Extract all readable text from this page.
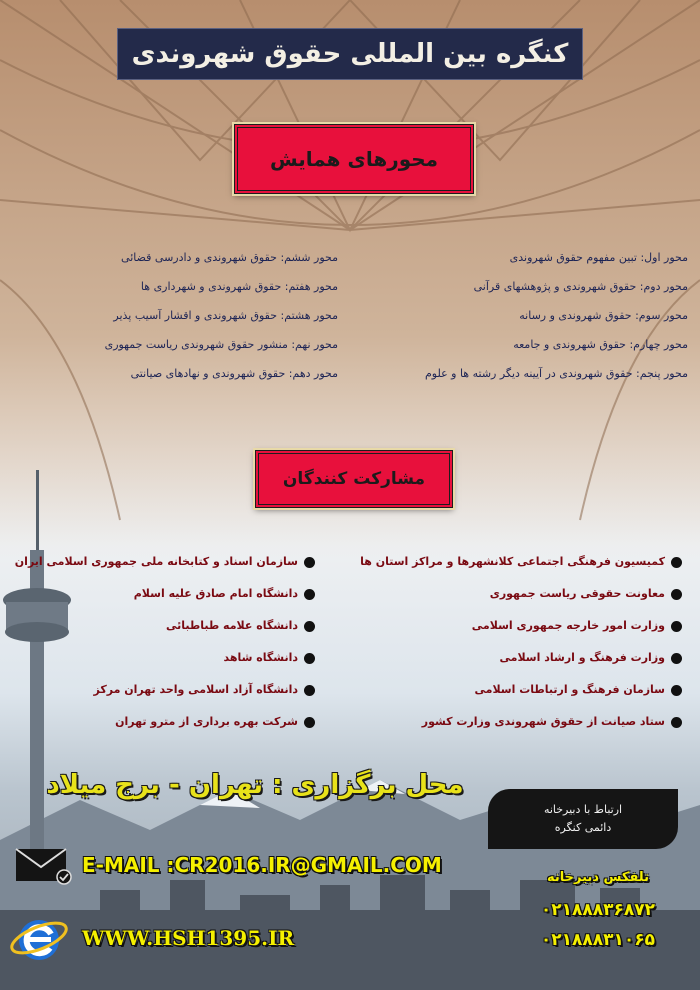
کنگره بین المللی حقوق شهروندی
محورهای همایش
محور اول: تبین مفهوم حقوق شهروندی
محور دوم: حقوق شهروندی و پژوهشهای قرآنی
محور سوم: حقوق شهروندی و رسانه
محور چهارم: حقوق شهروندی و جامعه
محور پنجم: حقوق شهروندی در آیینه دیگر رشته ها و علوم
محور ششم: حقوق شهروندی و دادرسی قضائی
محور هفتم: حقوق شهروندی و شهرداری ها
محور هشتم: حقوق شهروندی و اقشار آسیب پذیر
محور نهم: منشور حقوق شهروندی ریاست جمهوری
محور دهم: حقوق شهروندی و نهادهای صیانتی
مشارکت کنندگان
کمیسیون فرهنگی اجتماعی کلانشهرها و مراکز استان ها
معاونت حقوقی ریاست جمهوری
وزارت امور خارجه جمهوری اسلامی
وزارت فرهنگ و ارشاد اسلامی
سازمان فرهنگ و ارتباطات اسلامی
ستاد صیانت از حقوق شهروندی وزارت کشور
سازمان اسناد و کتابخانه ملی جمهوری اسلامی ایران
دانشگاه امام صادق علیه اسلام
دانشگاه علامه طباطبائی
دانشگاه شاهد
دانشگاه آزاد اسلامی واحد تهران مرکز
شرکت بهره برداری از مترو تهران
محل برگزاری : تهران - برج میلاد
ارتباط با دبیرخانه
دائمی کنگره
E-MAIL :CR2016.IR@GMAIL.COM
WWW.HSH1395.IR
تلفکس دبیرخانه
۰۲۱۸۸۸۳۶۸۷۲
۰۲۱۸۸۸۳۱۰۶۵
